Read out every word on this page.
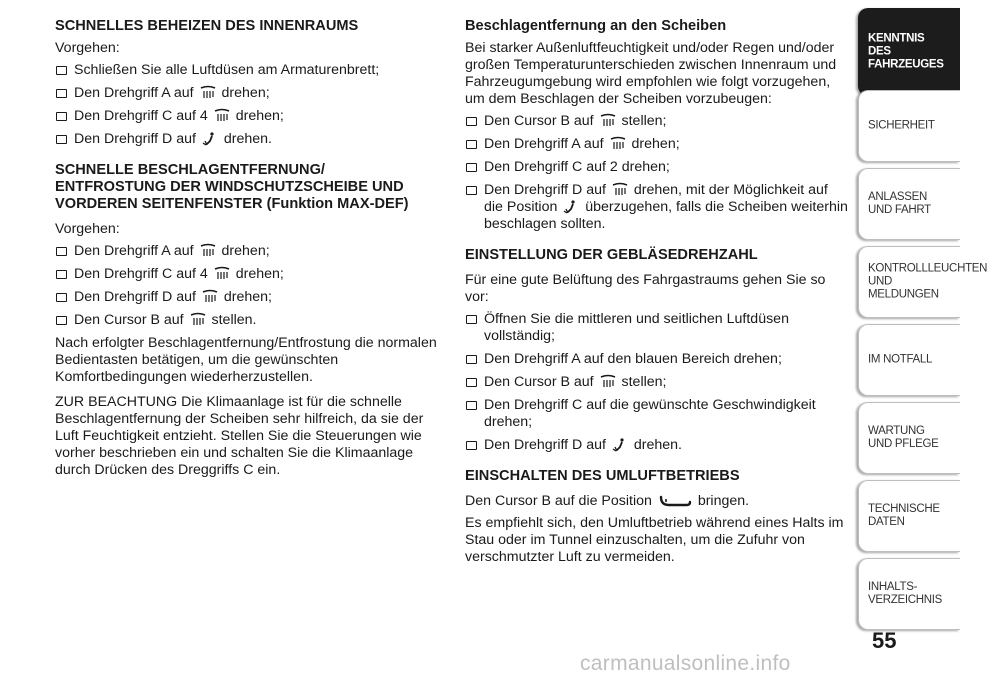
SCHNELLES BEHEIZEN DES INNENRAUMS

Vorgehen:

Schließen Sie alle Luftdüsen am Armaturenbrett;
Den Drehgriff A auf drehen;
Den Drehgriff C auf 4 drehen;
Den Drehgriff D auf drehen.

SCHNELLE BESCHLAGENTFERNUNG/ ENTFROSTUNG DER WINDSCHUTZSCHEIBE UND VORDEREN SEITENFENSTER (Funktion MAX-DEF)

Vorgehen:

Den Drehgriff A auf drehen;
Den Drehgriff C auf 4 drehen;
Den Drehgriff D auf drehen;
Den Cursor B auf stellen.

Nach erfolgter Beschlagentfernung/Entfrostung die normalen Bedientasten betätigen, um die gewünschten Komfortbedingungen wiederherzustellen.

ZUR BEACHTUNG Die Klimaanlage ist für die schnelle Beschlagentfernung der Scheiben sehr hilfreich, da sie der Luft Feuchtigkeit entzieht. Stellen Sie die Steuerungen wie vorher beschrieben ein und schalten Sie die Klimaanlage durch Drücken des Dreggriffs C ein.

Beschlagentfernung an den Scheiben

Bei starker Außenluftfeuchtigkeit und/oder Regen und/oder großen Temperaturunterschieden zwischen Innenraum und Fahrzeugumgebung wird empfohlen wie folgt vorzugehen, um dem Beschlagen der Scheiben vorzubeugen:

Den Cursor B auf stellen;
Den Drehgriff A auf drehen;
Den Drehgriff C auf 2 drehen;
Den Drehgriff D auf drehen, mit der Möglichkeit auf die Position überzugehen, falls die Scheiben weiterhin beschlagen sollten.

EINSTELLUNG DER GEBLÄSEDREHZAHL

Für eine gute Belüftung des Fahrgastraums gehen Sie so vor:

Öffnen Sie die mittleren und seitlichen Luftdüsen vollständig;
Den Drehgriff A auf den blauen Bereich drehen;
Den Cursor B auf stellen;
Den Drehgriff C auf die gewünschte Geschwindigkeit drehen;
Den Drehgriff D auf drehen.

EINSCHALTEN DES UMLUFTBETRIEBS

Den Cursor B auf die Position	bringen.

Es empfiehlt sich, den Umluftbetrieb während eines Halts im Stau oder im Tunnel einzuschalten, um die Zufuhr von verschmutzter Luft zu vermeiden.

KENNTNIS DES FAHRZEUGES
SICHERHEIT
ANLASSEN UND FAHRT
KONTROLLLEUCHTEN UND MELDUNGEN
IM NOTFALL
WARTUNG UND PFLEGE
TECHNISCHE DATEN
INHALTS-VERZEICHNIS
55
carmanualsonline.info
